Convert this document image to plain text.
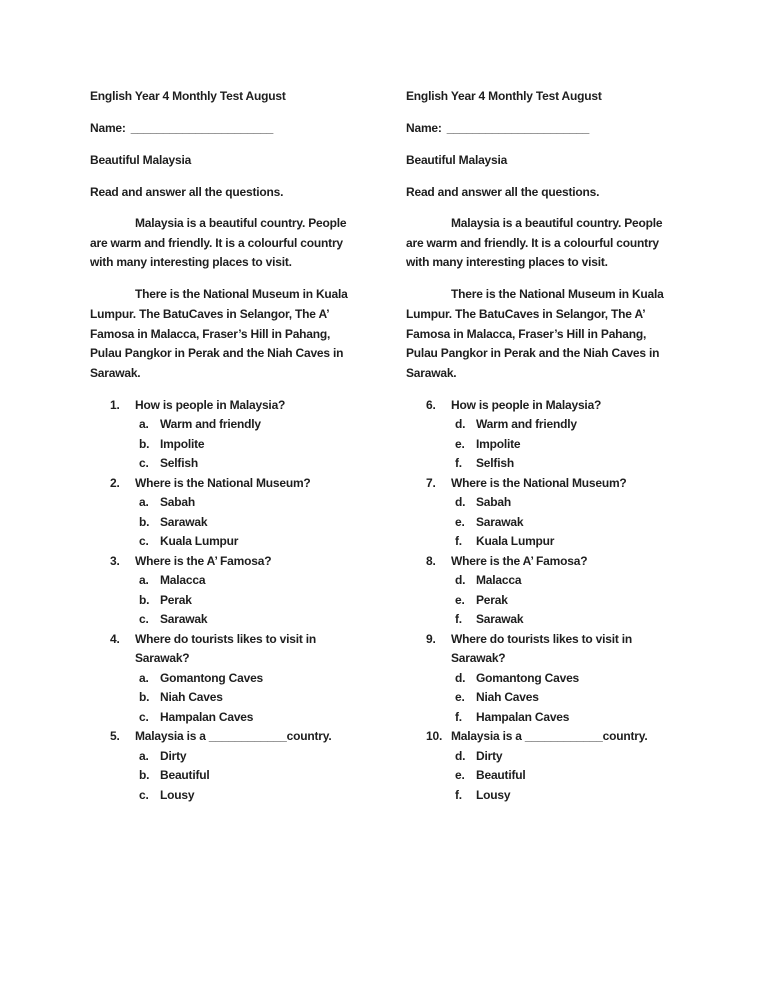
English Year 4 Monthly Test August
Name: ______________________
Beautiful Malaysia
Read and answer all the questions.
Malaysia is a beautiful country. People
are warm and friendly. It is a colourful country
with many interesting places to visit.
There is the National Museum in Kuala
Lumpur. The BatuCaves in Selangor, The A’
Famosa in Malacca, Fraser’s Hill in Pahang,
Pulau Pangkor in Perak and the Niah Caves in
Sarawak.
1.	How is people in Malaysia?
a. Warm and friendly
b. Impolite
c. Selfish
2.	Where is the National Museum?
a. Sabah
b. Sarawak
c. Kuala Lumpur
3.	Where is the A’ Famosa?
a. Malacca
b. Perak
c. Sarawak
4.	Where do tourists likes to visit in
Sarawak?
a. Gomantong Caves
b. Niah Caves
c. Hampalan Caves
5.	Malaysia is a ____________country.
a. Dirty
b. Beautiful
c. Lousy
English Year 4 Monthly Test August
Name: ______________________
Beautiful Malaysia
Read and answer all the questions.
Malaysia is a beautiful country. People
are warm and friendly. It is a colourful country
with many interesting places to visit.
There is the National Museum in Kuala
Lumpur. The BatuCaves in Selangor, The A’
Famosa in Malacca, Fraser’s Hill in Pahang,
Pulau Pangkor in Perak and the Niah Caves in
Sarawak.
6.	How is people in Malaysia?
d. Warm and friendly
e. Impolite
f.	Selfish
7.	Where is the National Museum?
d. Sabah
e. Sarawak
f.	Kuala Lumpur
8.	Where is the A’ Famosa?
d. Malacca
e. Perak
f.	Sarawak
9.	Where do tourists likes to visit in
Sarawak?
d. Gomantong Caves
e. Niah Caves
f.	Hampalan Caves
10. Malaysia is a ____________country.
d. Dirty
e. Beautiful
f.	Lousy
